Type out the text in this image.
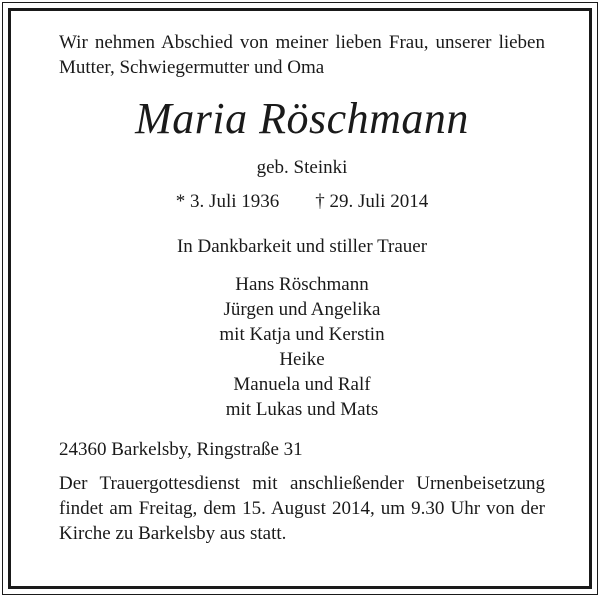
Wir nehmen Abschied von meiner lieben Frau, unserer lieben Mutter, Schwiegermutter und Oma

Maria Röschmann
geb. Steinki
* 3. Juli 1936 † 29. Juli 2014
In Dankbarkeit und stiller Trauer
Hans Röschmann
Jürgen und Angelika
mit Katja und Kerstin
Heike
Manuela und Ralf
mit Lukas und Mats
24360 Barkelsby, Ringstraße 31

Der Trauergottesdienst mit anschließender Urnenbeisetzung findet am Freitag, dem 15. August 2014, um 9.30 Uhr von der Kirche zu Barkelsby aus statt.
